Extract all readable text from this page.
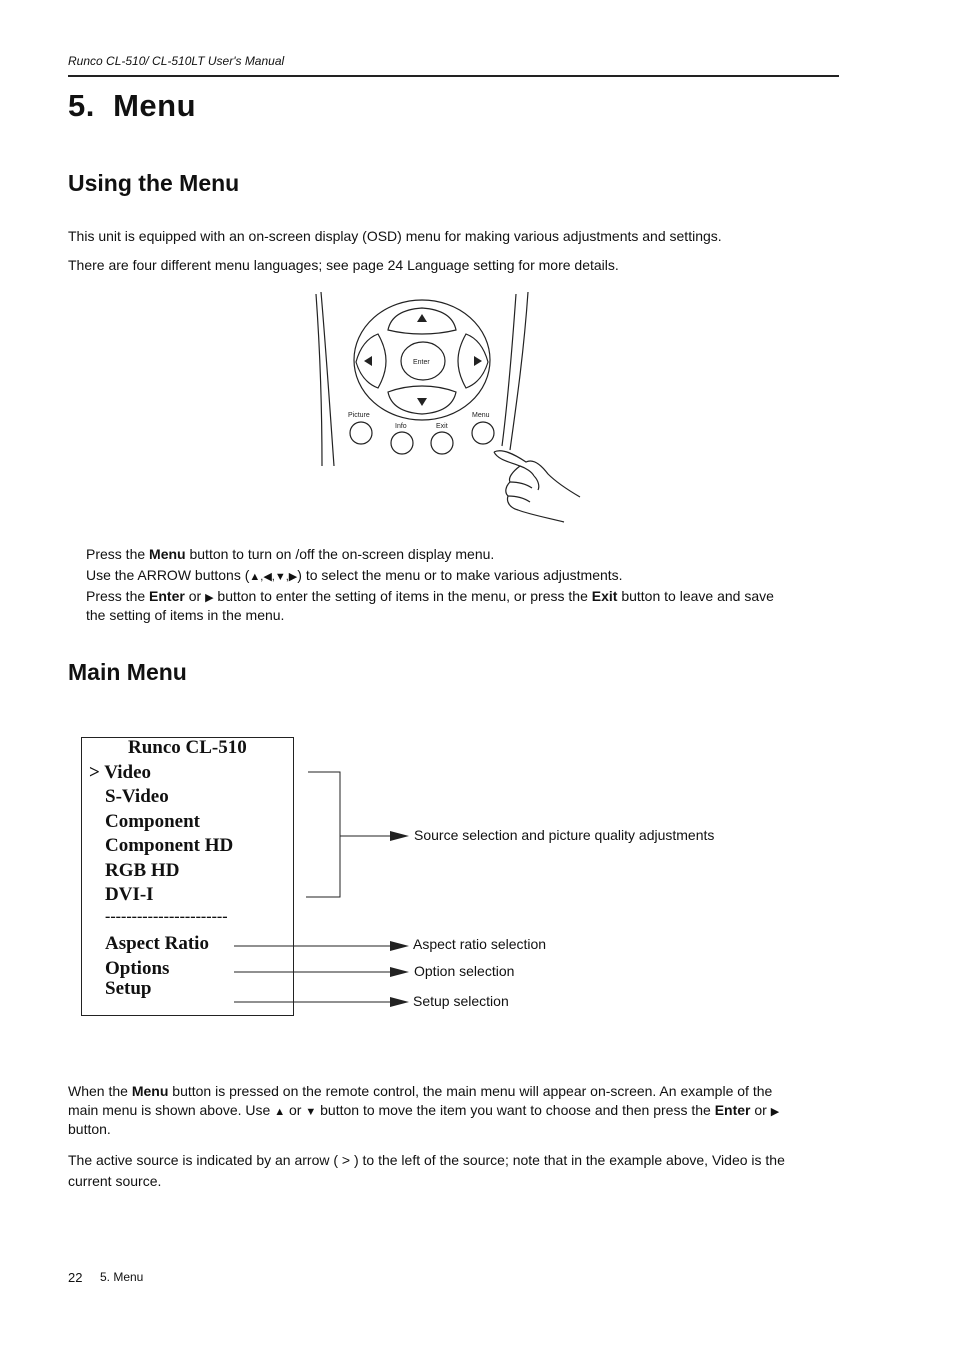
Runco CL-510/ CL-510LT User's Manual
5.  Menu
Using the Menu
This unit is equipped with an on-screen display (OSD) menu for making various adjustments and settings.
There are four different menu languages; see page 24 Language setting for more details.
Enter
Picture
Info	Exit
Menu
Press the Menu button to turn on /off the on-screen display menu.
Use the ARROW buttons (▲,◀,▼,▶) to select the menu or to make various adjustments.
Press the Enter or ▶ button to enter the setting of items in the menu, or press the Exit button to leave and save
the setting of items in the menu.
Main Menu
Runco CL-510
> Video
S-Video
Component
Component HD
RGB HD
DVI-I
-----------------------
Aspect Ratio
Options
Setup
Source selection and picture quality adjustments
Aspect ratio selection
Option selection
Setup selection
When the Menu button is pressed on the remote control, the main menu will appear on-screen. An example of the
main menu is shown above. Use ▲ or ▼ button to move the item you want to choose and then press the Enter or ▶
button.
The active source is indicated by an arrow ( > ) to the left of the source; note that in the example above, Video is the
current source.
22 5. Menu
